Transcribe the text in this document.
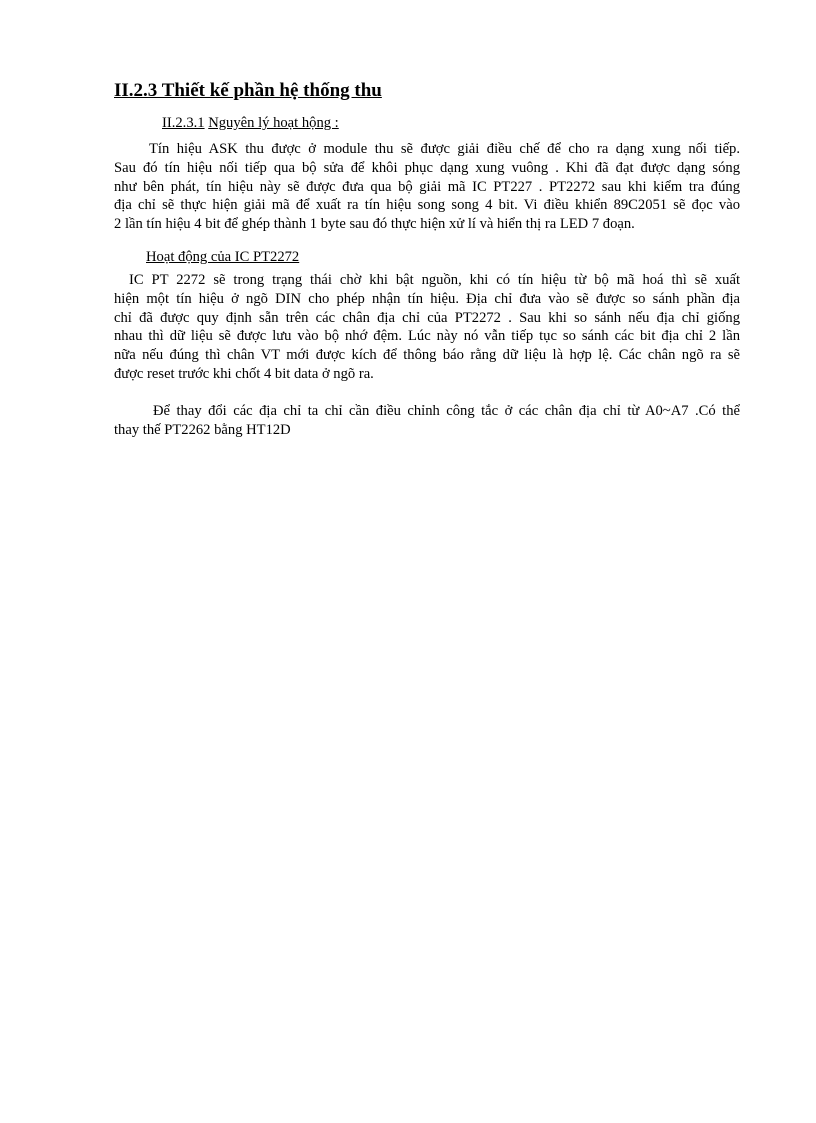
II.2.3 Thiết kế phần hệ thống thu
II.2.3.1 Nguyên lý hoạt hộng :
Tín hiệu ASK thu được ở module thu sẽ được giải điều chế để cho ra dạng xung nối tiếp.
Sau đó tín hiệu nối tiếp qua bộ sửa để khôi phục dạng xung vuông . Khi đã đạt được dạng sóng
như bên phát, tín hiệu này sẽ được đưa qua bộ giải mã IC PT227 . PT2272 sau khi kiểm tra đúng
địa chỉ sẽ thực hiện giải mã để xuất ra tín hiệu song song 4 bit. Vi điều khiển 89C2051 sẽ đọc vào
2 lần tín hiệu 4 bit để ghép thành 1 byte sau đó thực hiện xử lí và hiển thị ra LED 7 đoạn.
Hoạt động của IC PT2272
IC PT 2272 sẽ trong trạng thái chờ khi bật nguồn, khi có tín hiệu từ bộ mã hoá thì sẽ xuất
hiện một tín hiệu ở ngõ DIN cho phép nhận tín hiệu. Địa chỉ đưa vào sẽ được so sánh phần địa
chỉ đã được quy định sẵn trên các chân địa chỉ của PT2272 . Sau khi so sánh nếu địa chỉ giống
nhau thì dữ liệu sẽ được lưu vào bộ nhớ đệm. Lúc này nó vẫn tiếp tục so sánh các bit địa chỉ 2 lần
nữa nếu đúng thì chân VT mới được kích để thông báo rằng dữ liệu là hợp lệ. Các chân ngõ ra sẽ
được reset trước khi chốt 4 bit data ở ngõ ra.
Để thay đổi các địa chỉ ta chỉ cần điều chỉnh công tắc ở các chân địa chỉ từ A0~A7 .Có thể
thay thế PT2262 bằng HT12D
